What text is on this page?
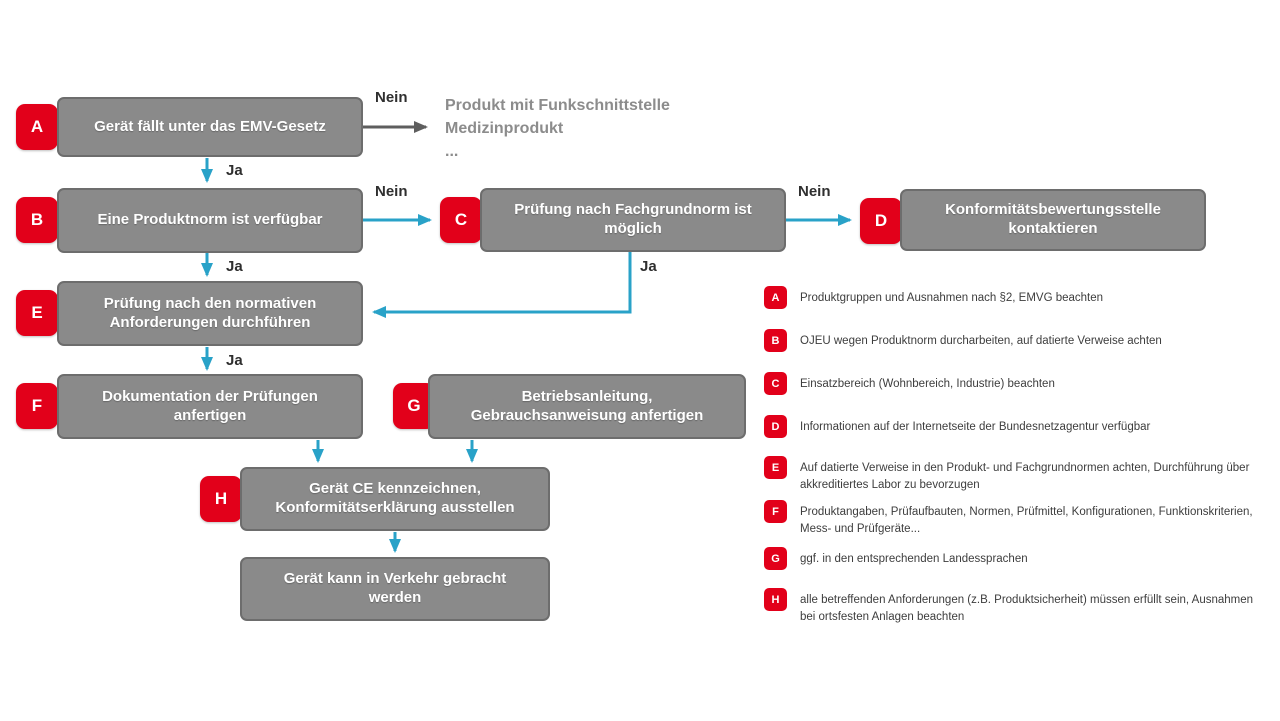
A	Gerät fällt unter das EMV-Gesetz
B	Eine Produktnorm ist verfügbar	C
Prüfung nach Fachgrundnorm ist möglich	D
Konformitätsbewertungsstelle kontaktieren
E	Prüfung nach den normativen Anforderungen durchführen
F	Dokumentation der Prüfungen anfertigen	G	Betriebsanleitung, Gebrauchsanweisung anfertigen
H
Gerät CE kennzeichnen, Konformitätserklärung ausstellen
Gerät kann in Verkehr gebracht werden
Nein
Ja
Nein
Ja
Nein
Ja
Ja
Produkt mit Funkschnittstelle
Medizinprodukt
...
A	Produktgruppen und Ausnahmen nach §2, EMVG beachten
B	OJEU wegen Produktnorm durcharbeiten, auf datierte Verweise achten
C	Einsatzbereich (Wohnbereich, Industrie) beachten
D	Informationen auf der Internetseite der Bundesnetzagentur verfügbar
E	Auf datierte Verweise in den Produkt- und Fachgrundnormen achten, Durchführung über akkreditiertes Labor zu bevorzugen
F	Produktangaben, Prüfaufbauten, Normen, Prüfmittel, Konfigurationen, Funktionskriterien, Mess- und Prüfgeräte...
G	ggf. in den entsprechenden Landessprachen
H	alle betreffenden Anforderungen (z.B. Produktsicherheit) müssen erfüllt sein, Ausnahmen bei ortsfesten Anlagen beachten
